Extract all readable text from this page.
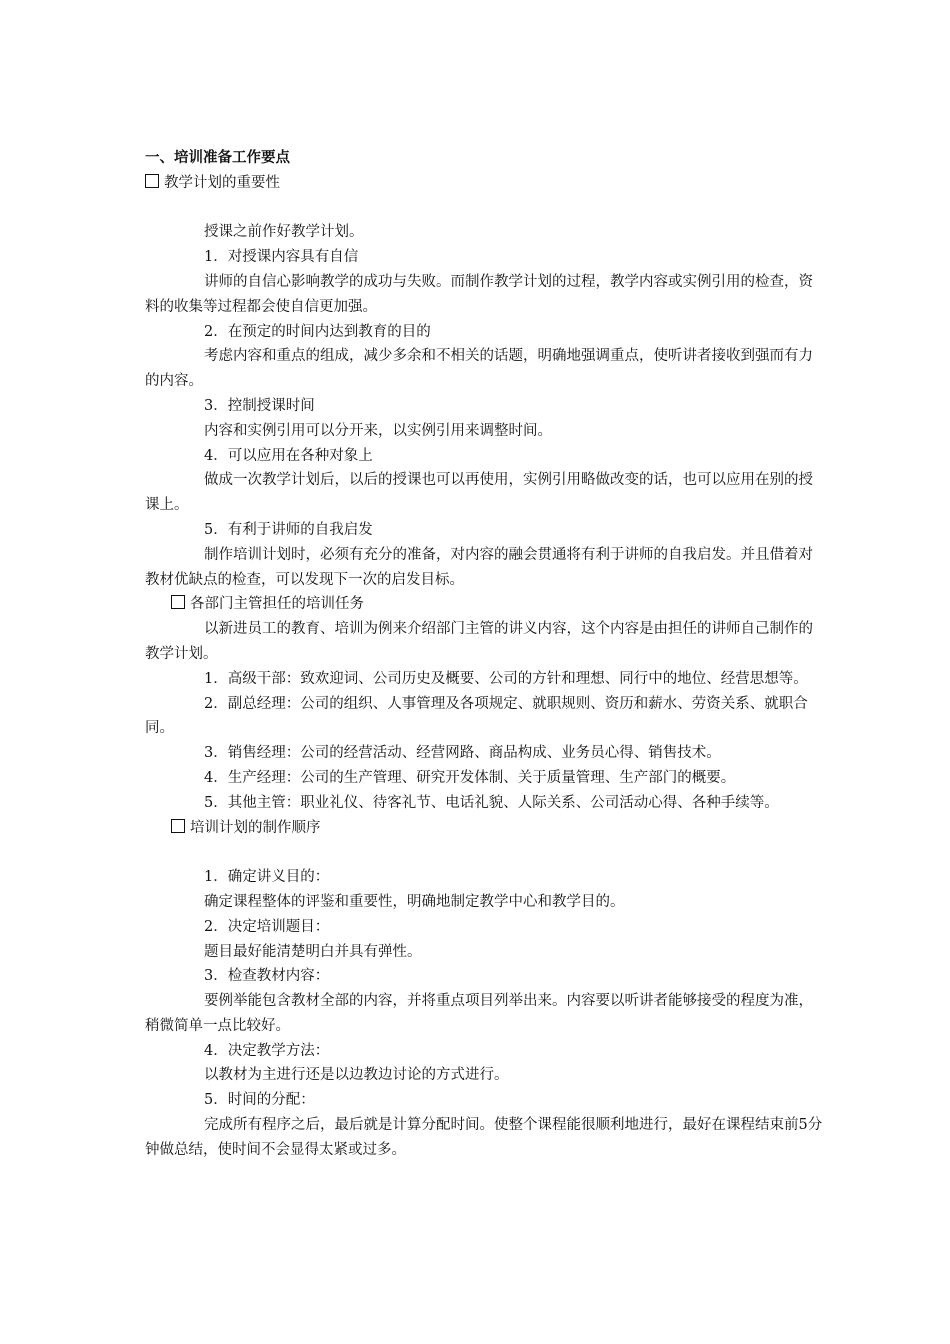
一、培训准备工作要点
教学计划的重要性
授课之前作好教学计划。
1．对授课内容具有自信
讲师的自信心影响教学的成功与失败。而制作教学计划的过程，教学内容或实例引用的检查，资料的收集等过程都会使自信更加强。
2．在预定的时间内达到教育的目的
考虑内容和重点的组成，减少多余和不相关的话题，明确地强调重点，使听讲者接收到强而有力的内容。
3．控制授课时间
内容和实例引用可以分开来，以实例引用来调整时间。
4．可以应用在各种对象上
做成一次教学计划后，以后的授课也可以再使用，实例引用略做改变的话，也可以应用在别的授课上。
5．有利于讲师的自我启发
制作培训计划时，必须有充分的准备，对内容的融会贯通将有利于讲师的自我启发。并且借着对教材优缺点的检查，可以发现下一次的启发目标。
各部门主管担任的培训任务
以新进员工的教育、培训为例来介绍部门主管的讲义内容，这个内容是由担任的讲师自己制作的教学计划。
1．高级干部：致欢迎词、公司历史及概要、公司的方针和理想、同行中的地位、经营思想等。
2．副总经理：公司的组织、人事管理及各项规定、就职规则、资历和薪水、劳资关系、就职合同。
3．销售经理：公司的经营活动、经营网路、商品构成、业务员心得、销售技术。
4．生产经理：公司的生产管理、研究开发体制、关于质量管理、生产部门的概要。
5．其他主管：职业礼仪、待客礼节、电话礼貌、人际关系、公司活动心得、各种手续等。
培训计划的制作顺序
1．确定讲义目的：
确定课程整体的评鉴和重要性，明确地制定教学中心和教学目的。
2．决定培训题目：
题目最好能清楚明白并具有弹性。
3．检查教材内容：
要例举能包含教材全部的内容，并将重点项目列举出来。内容要以听讲者能够接受的程度为准，稍微简单一点比较好。
4．决定教学方法：
以教材为主进行还是以边教边讨论的方式进行。
5．时间的分配：
完成所有程序之后，最后就是计算分配时间。使整个课程能很顺利地进行，最好在课程结束前5分钟做总结，使时间不会显得太紧或过多。
